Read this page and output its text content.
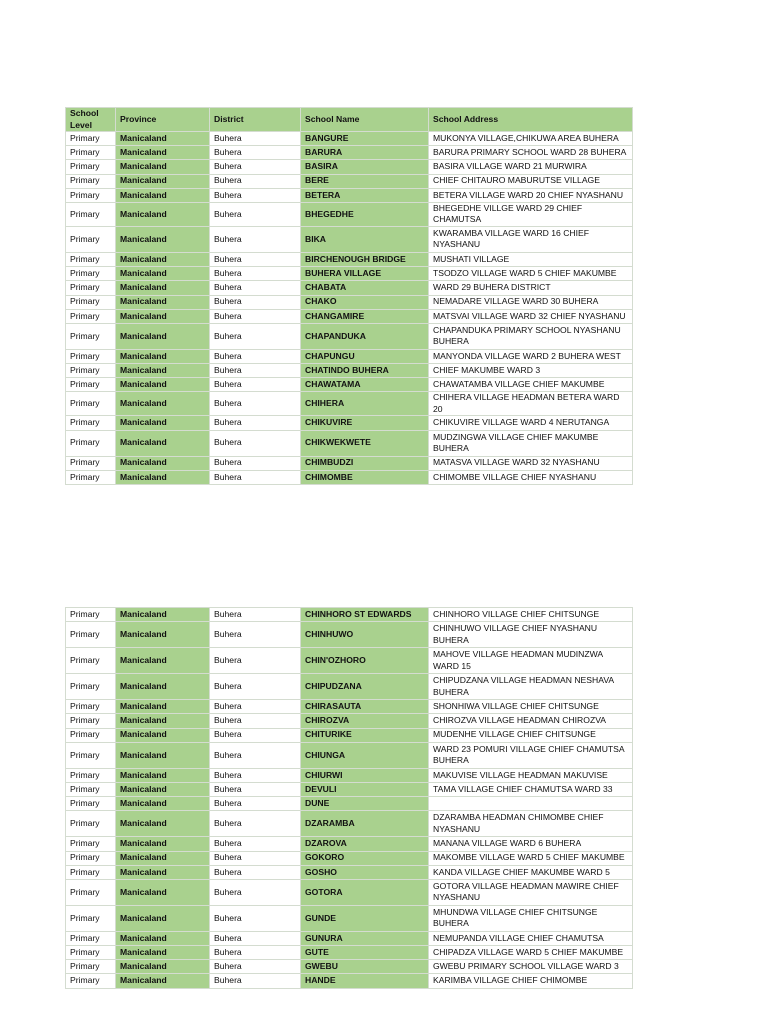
School Level	Province	District	School Name	School Address
Primary	Manicaland	Buhera	BANGURE	MUKONYA VILLAGE,CHIKUWA AREA BUHERA
Primary	Manicaland	Buhera	BARURA	BARURA PRIMARY SCHOOL WARD 28 BUHERA
Primary	Manicaland	Buhera	BASIRA	BASIRA VILLAGE WARD 21 MURWIRA
Primary	Manicaland	Buhera	BERE	CHIEF CHITAURO MABURUTSE VILLAGE
Primary	Manicaland	Buhera	BETERA	BETERA VILLAGE WARD 20 CHIEF NYASHANU
Primary	Manicaland	Buhera	BHEGEDHE	BHEGEDHE VILLGE WARD 29 CHIEF CHAMUTSA
Primary	Manicaland	Buhera	BIKA	KWARAMBA VILLAGE WARD 16 CHIEF NYASHANU
Primary	Manicaland	Buhera	BIRCHENOUGH BRIDGE	MUSHATI VILLAGE
Primary	Manicaland	Buhera	BUHERA VILLAGE	TSODZO VILLAGE WARD 5 CHIEF MAKUMBE
Primary	Manicaland	Buhera	CHABATA	WARD 29 BUHERA DISTRICT
Primary	Manicaland	Buhera	CHAKO	NEMADARE VILLAGE WARD 30 BUHERA
Primary	Manicaland	Buhera	CHANGAMIRE	MATSVAI VILLAGE WARD 32 CHIEF NYASHANU
Primary	Manicaland	Buhera	CHAPANDUKA	CHAPANDUKA PRIMARY SCHOOL NYASHANU BUHERA
Primary	Manicaland	Buhera	CHAPUNGU	MANYONDA VILLAGE WARD 2 BUHERA WEST
Primary	Manicaland	Buhera	CHATINDO BUHERA	CHIEF MAKUMBE WARD 3
Primary	Manicaland	Buhera	CHAWATAMA	CHAWATAMBA VILLAGE CHIEF MAKUMBE
Primary	Manicaland	Buhera	CHIHERA	CHIHERA VILLAGE HEADMAN BETERA WARD 20
Primary	Manicaland	Buhera	CHIKUVIRE	CHIKUVIRE VILLAGE WARD 4 NERUTANGA
Primary	Manicaland	Buhera	CHIKWEKWETE	MUDZINGWA VILLAGE CHIEF MAKUMBE BUHERA
Primary	Manicaland	Buhera	CHIMBUDZI	MATASVA VILLAGE WARD 32 NYASHANU
Primary	Manicaland	Buhera	CHIMOMBE	CHIMOMBE VILLAGE CHIEF NYASHANU
Primary	Manicaland	Buhera	CHINHORO ST EDWARDS	CHINHORO VILLAGE CHIEF CHITSUNGE
Primary	Manicaland	Buhera	CHINHUWO	CHINHUWO VILLAGE CHIEF NYASHANU BUHERA
Primary	Manicaland	Buhera	CHIN'OZHORO	MAHOVE VILLAGE HEADMAN MUDINZWA WARD 15
Primary	Manicaland	Buhera	CHIPUDZANA	CHIPUDZANA VILLAGE HEADMAN NESHAVA BUHERA
Primary	Manicaland	Buhera	CHIRASAUTA	SHONHIWA VILLAGE CHIEF CHITSUNGE
Primary	Manicaland	Buhera	CHIROZVA	CHIROZVA VILLAGE HEADMAN CHIROZVA
Primary	Manicaland	Buhera	CHITURIKE	MUDENHE VILLAGE CHIEF CHITSUNGE
Primary	Manicaland	Buhera	CHIUNGA	WARD 23 POMURI VILLAGE CHIEF CHAMUTSA BUHERA
Primary	Manicaland	Buhera	CHIURWI	MAKUVISE VILLAGE HEADMAN MAKUVISE
Primary	Manicaland	Buhera	DEVULI	TAMA VILLAGE CHIEF CHAMUTSA WARD 33
Primary	Manicaland	Buhera	DUNE	
Primary	Manicaland	Buhera	DZARAMBA	DZARAMBA HEADMAN CHIMOMBE CHIEF NYASHANU
Primary	Manicaland	Buhera	DZAROVA	MANANA VILLAGE WARD 6 BUHERA
Primary	Manicaland	Buhera	GOKORO	MAKOMBE VILLAGE WARD 5 CHIEF MAKUMBE
Primary	Manicaland	Buhera	GOSHO	KANDA VILLAGE CHIEF MAKUMBE WARD 5
Primary	Manicaland	Buhera	GOTORA	GOTORA VILLAGE HEADMAN MAWIRE CHIEF NYASHANU
Primary	Manicaland	Buhera	GUNDE	MHUNDWA VILLAGE CHIEF CHITSUNGE BUHERA
Primary	Manicaland	Buhera	GUNURA	NEMUPANDA VILLAGE CHIEF CHAMUTSA
Primary	Manicaland	Buhera	GUTE	CHIPADZA VILLAGE WARD 5 CHIEF MAKUMBE
Primary	Manicaland	Buhera	GWEBU	GWEBU PRIMARY SCHOOL VILLAGE WARD 3
Primary	Manicaland	Buhera	HANDE	KARIMBA VILLAGE CHIEF CHIMOMBE
